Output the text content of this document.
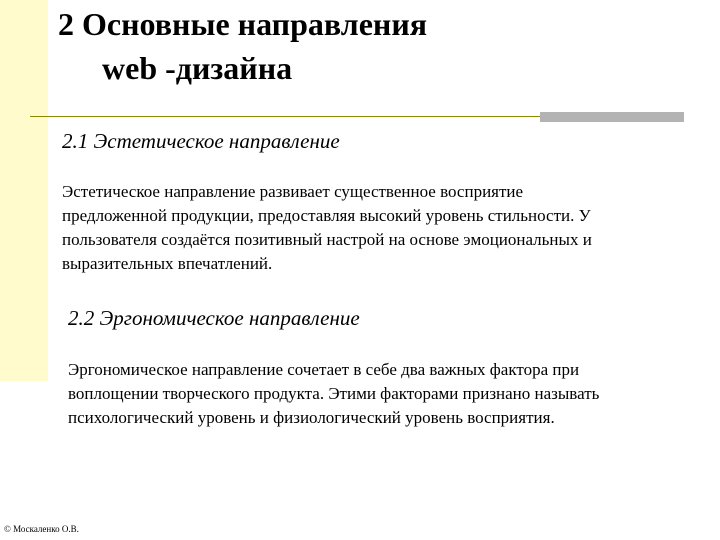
2 Основные направления
web -дизайна
2.1 Эстетическое направление

Эстетическое направление развивает существенное восприятие
предложенной продукции, предоставляя высокий уровень стильности. У
пользователя создаётся позитивный настрой на основе эмоциональных и
выразительных впечатлений.

2.2 Эргономическое направление

Эргономическое направление сочетает в себе два важных фактора при
воплощении творческого продукта. Этими факторами признано называть
психологический уровень и физиологический уровень восприятия.

© Москаленко О.В.
